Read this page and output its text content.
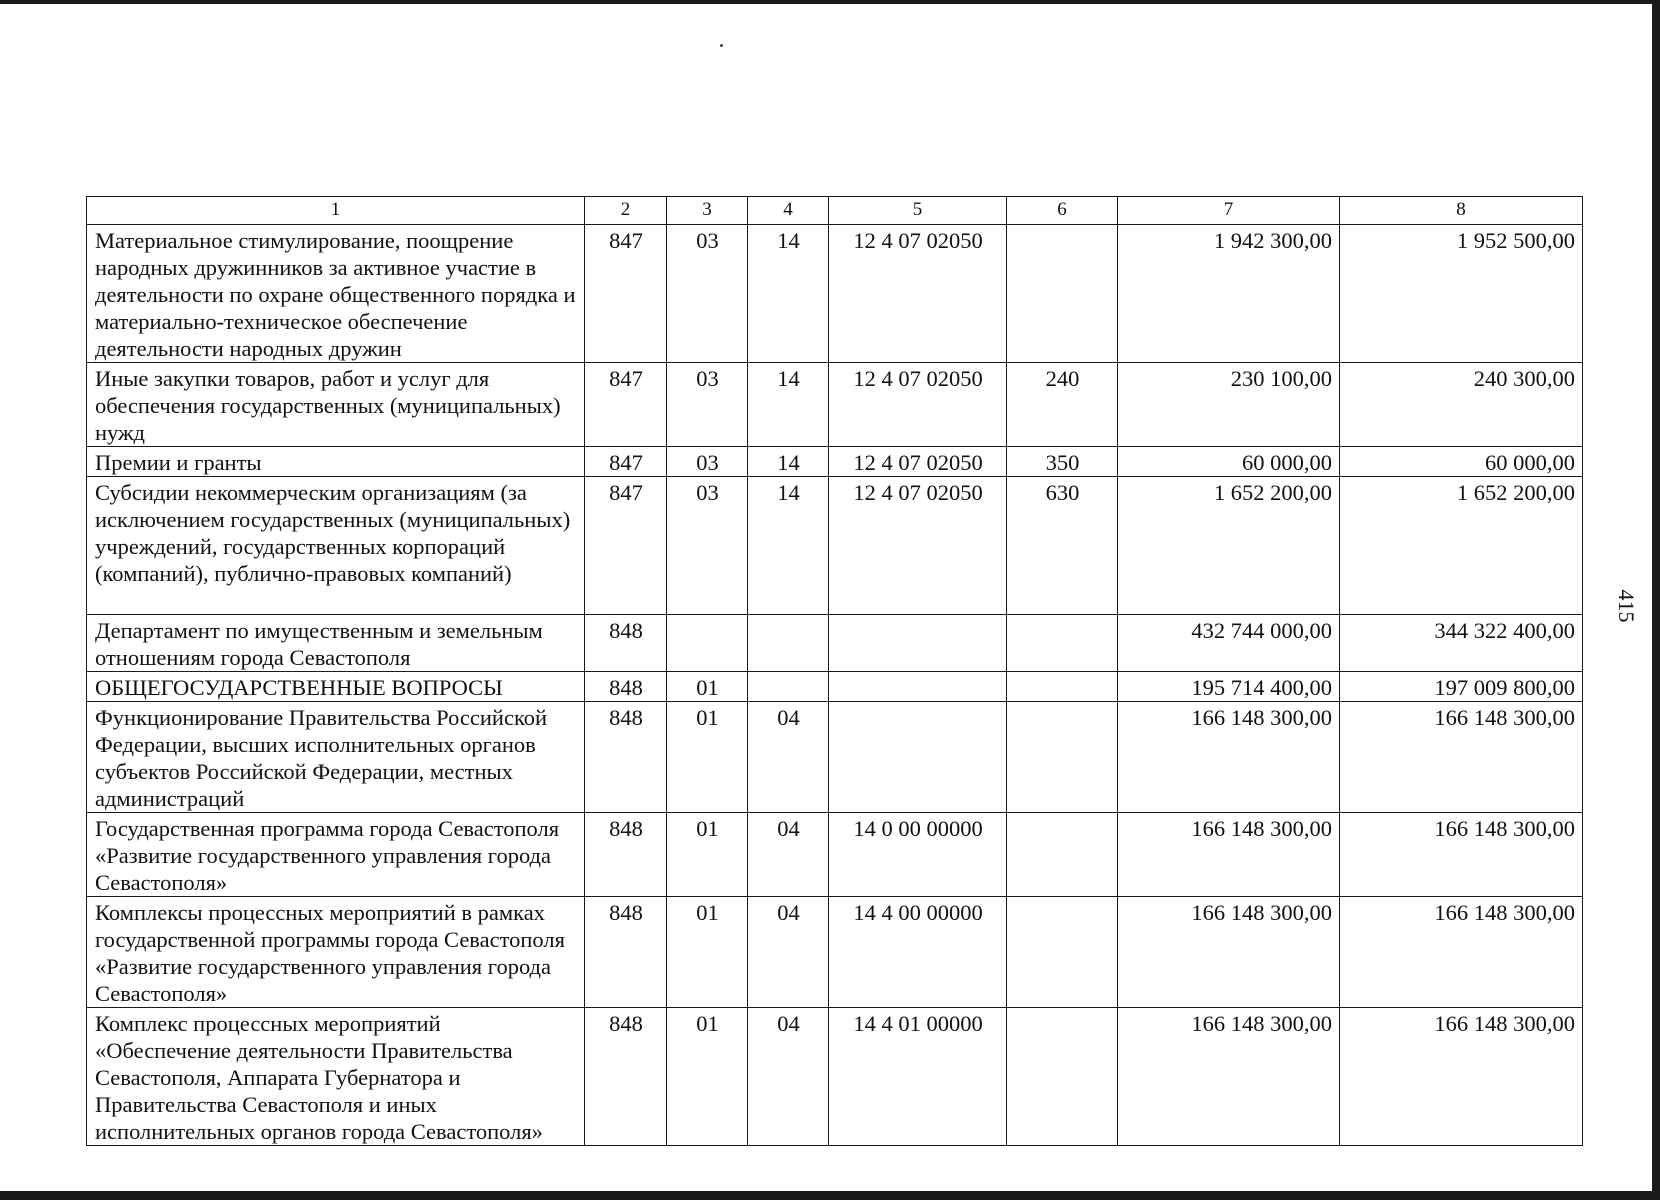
415
1	2	3	4	5	6	7	8
Материальное стимулирование, поощрение народных дружинников за активное участие в деятельности по охране общественного порядка и материально-техническое обеспечение деятельности народных дружин	847	03	14	12 4 07 02050		1 942 300,00	1 952 500,00
Иные закупки товаров, работ и услуг для обеспечения государственных (муниципальных) нужд	847	03	14	12 4 07 02050	240	230 100,00	240 300,00
Премии и гранты	847	03	14	12 4 07 02050	350	60 000,00	60 000,00
Субсидии некоммерческим организациям (за исключением государственных (муниципальных) учреждений, государственных корпораций (компаний), публично-правовых компаний)	847	03	14	12 4 07 02050	630	1 652 200,00	1 652 200,00
Департамент по имущественным и земельным отношениям города Севастополя	848					432 744 000,00	344 322 400,00
ОБЩЕГОСУДАРСТВЕННЫЕ ВОПРОСЫ	848	01				195 714 400,00	197 009 800,00
Функционирование Правительства Российской Федерации, высших исполнительных органов субъектов Российской Федерации, местных администраций	848	01	04			166 148 300,00	166 148 300,00
Государственная программа города Севастополя «Развитие государственного управления города Севастополя»	848	01	04	14 0 00 00000		166 148 300,00	166 148 300,00
Комплексы процессных мероприятий в рамках государственной программы города Севастополя «Развитие государственного управления города Севастополя»	848	01	04	14 4 00 00000		166 148 300,00	166 148 300,00
Комплекс процессных мероприятий «Обеспечение деятельности Правительства Севастополя, Аппарата Губернатора и Правительства Севастополя и иных исполнительных органов города Севастополя»	848	01	04	14 4 01 00000		166 148 300,00	166 148 300,00
